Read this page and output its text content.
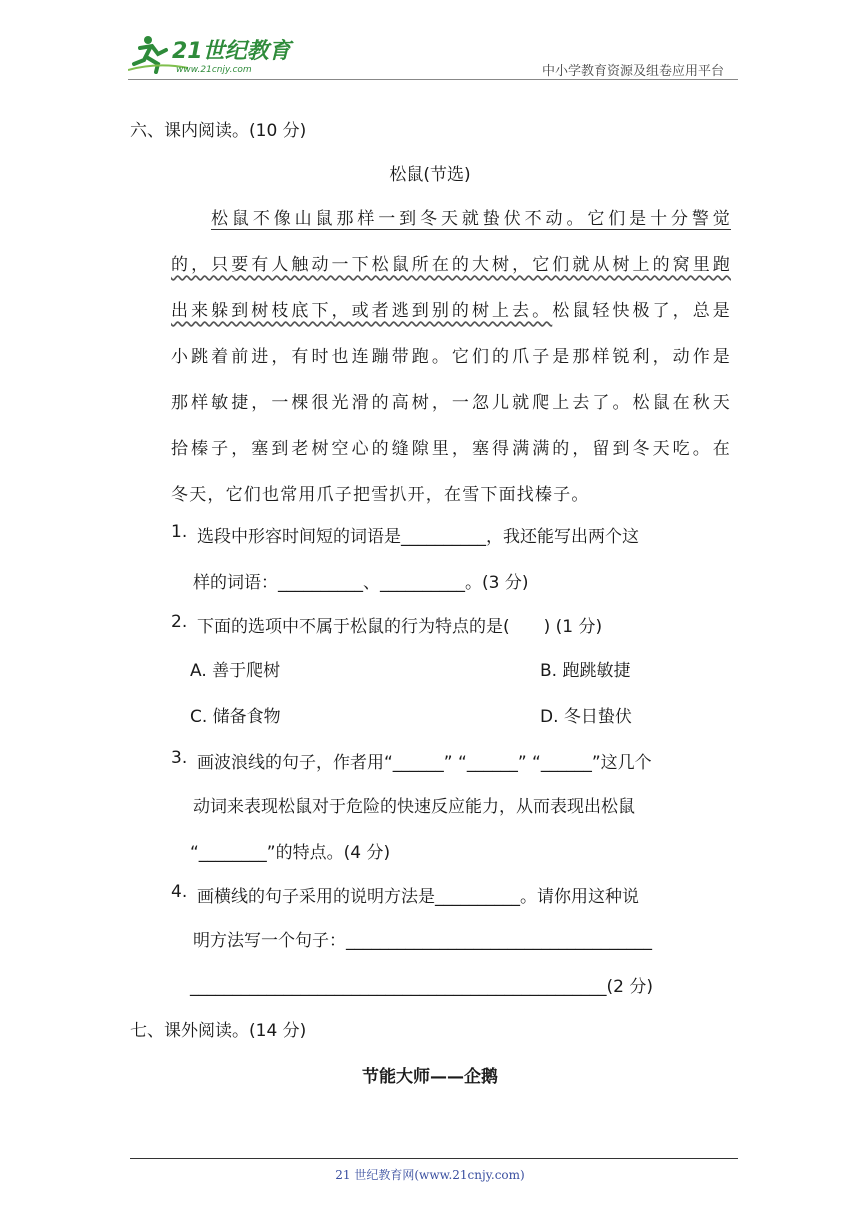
21世纪教育
www.21cnjy.com	中小学教育资源及组卷应用平台
六、课内阅读。(10 分)
松鼠(节选)
松鼠不像山鼠那样一到冬天就蛰伏不动。它们是十分警觉
的，只要有人触动一下松鼠所在的大树，它们就从树上的窝里跑
出来躲到树枝底下，或者逃到别的树上去。松鼠轻快极了，总是
小跳着前进，有时也连蹦带跑。它们的爪子是那样锐利，动作是
那样敏捷，一棵很光滑的高树，一忽儿就爬上去了。松鼠在秋天
拾榛子，塞到老树空心的缝隙里，塞得满满的，留到冬天吃。在
冬天，它们也常用爪子把雪扒开，在雪下面找榛子。
1. 选段中形容时间短的词语是__________，我还能写出两个这
样的词语：__________、__________。(3 分)
2. 下面的选项中不属于松鼠的行为特点的是(　　) (1 分)
A. 善于爬树	B. 跑跳敏捷
C. 储备食物	D. 冬日蛰伏
3. 画波浪线的句子，作者用“______” “______” “______”这几个
动词来表现松鼠对于危险的快速反应能力，从而表现出松鼠
“________”的特点。(4 分)
4. 画横线的句子采用的说明方法是__________。请你用这种说
明方法写一个句子：____________________________________
_________________________________________________(2 分)
七、课外阅读。(14 分)
节能大师——企鹅
21 世纪教育网(www.21cnjy.com)
